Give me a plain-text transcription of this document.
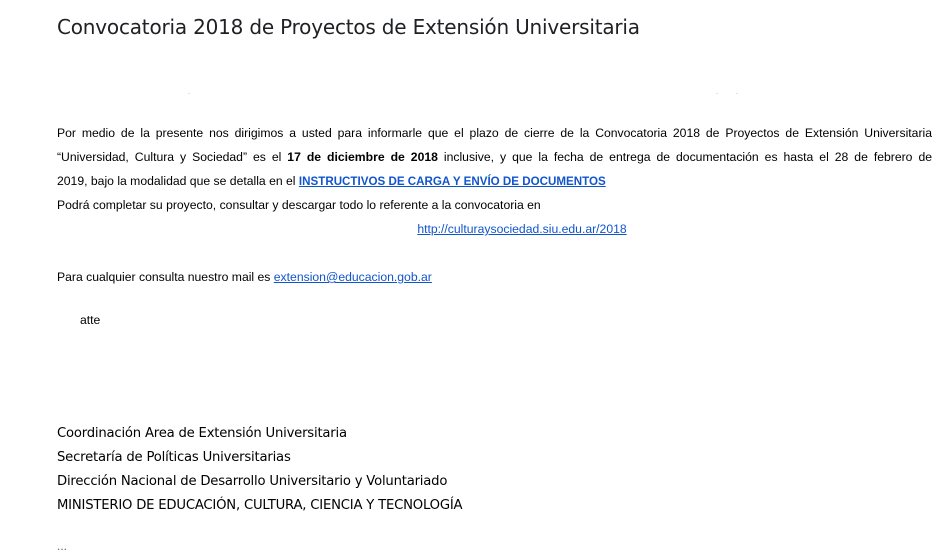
Convocatoria 2018 de Proyectos de Extensión Universitaria
Por medio de la presente nos dirigimos a usted para informarle que el plazo de cierre de la Convocatoria 2018 de Proyectos de Extensión Universitaria
“Universidad, Cultura y Sociedad” es el 17 de diciembre de 2018 inclusive, y que la fecha de entrega de documentación es hasta el 28 de febrero de
2019, bajo la modalidad que se detalla en el INSTRUCTIVOS DE CARGA Y ENVÍO DE DOCUMENTOS
Podrá completar su proyecto, consultar y descargar todo lo referente a la convocatoria en
http://culturaysociedad.siu.edu.ar/2018
Para cualquier consulta nuestro mail es extension@educacion.gob.ar
atte
Coordinación Area de Extensión Universitaria
Secretaría de Políticas Universitarias
Dirección Nacional de Desarrollo Universitario y Voluntariado
MINISTERIO DE EDUCACIÓN, CULTURA, CIENCIA Y TECNOLOGÍA
...
